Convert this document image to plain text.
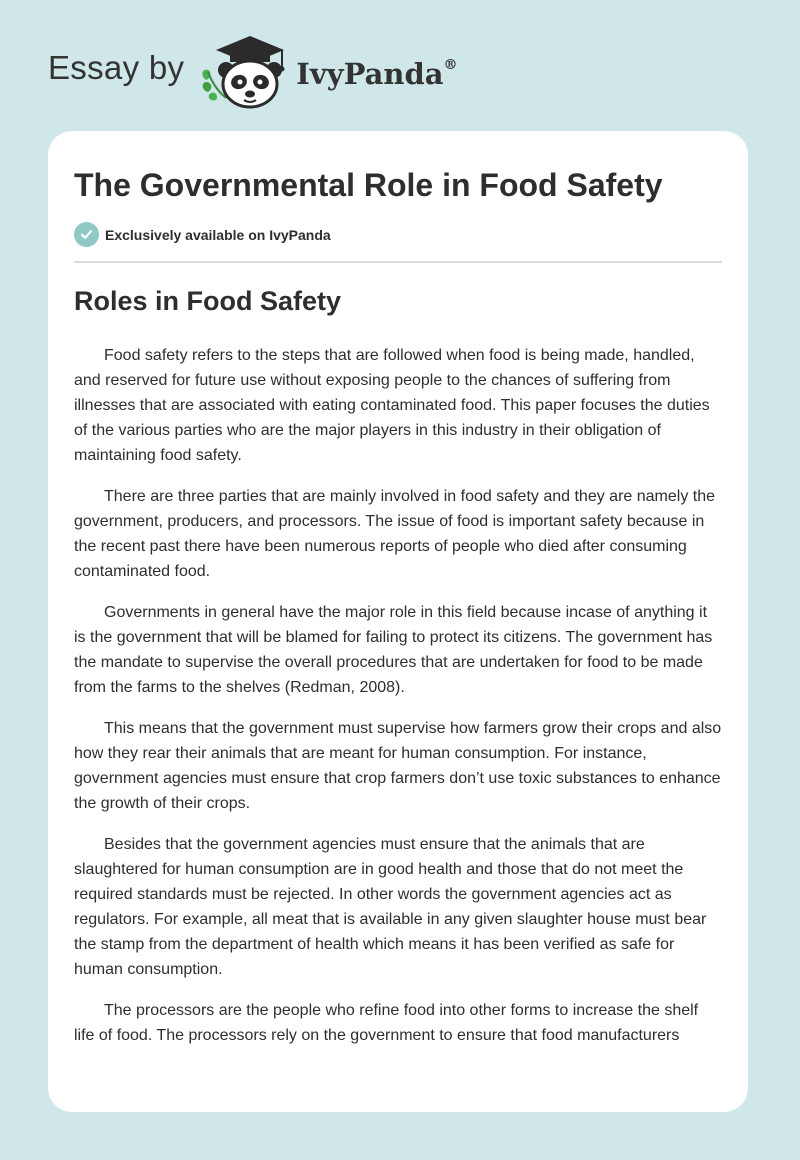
Essay by	IvyPanda®
The Governmental Role in Food Safety
Exclusively available on IvyPanda
Roles in Food Safety

Food safety refers to the steps that are followed when food is being made, handled, and reserved for future use without exposing people to the chances of suffering from illnesses that are associated with eating contaminated food. This paper focuses the duties of the various parties who are the major players in this industry in their obligation of maintaining food safety.

There are three parties that are mainly involved in food safety and they are namely the government, producers, and processors. The issue of food is important safety because in the recent past there have been numerous reports of people who died after consuming contaminated food.

Governments in general have the major role in this field because incase of anything it is the government that will be blamed for failing to protect its citizens. The government has the mandate to supervise the overall procedures that are undertaken for food to be made from the farms to the shelves (Redman, 2008).

This means that the government must supervise how farmers grow their crops and also how they rear their animals that are meant for human consumption. For instance, government agencies must ensure that crop farmers don’t use toxic substances to enhance the growth of their crops.

Besides that the government agencies must ensure that the animals that are slaughtered for human consumption are in good health and those that do not meet the required standards must be rejected. In other words the government agencies act as regulators. For example, all meat that is available in any given slaughter house must bear the stamp from the department of health which means it has been verified as safe for human consumption.

The processors are the people who refine food into other forms to increase the shelf life of food. The processors rely on the government to ensure that food manufacturers
